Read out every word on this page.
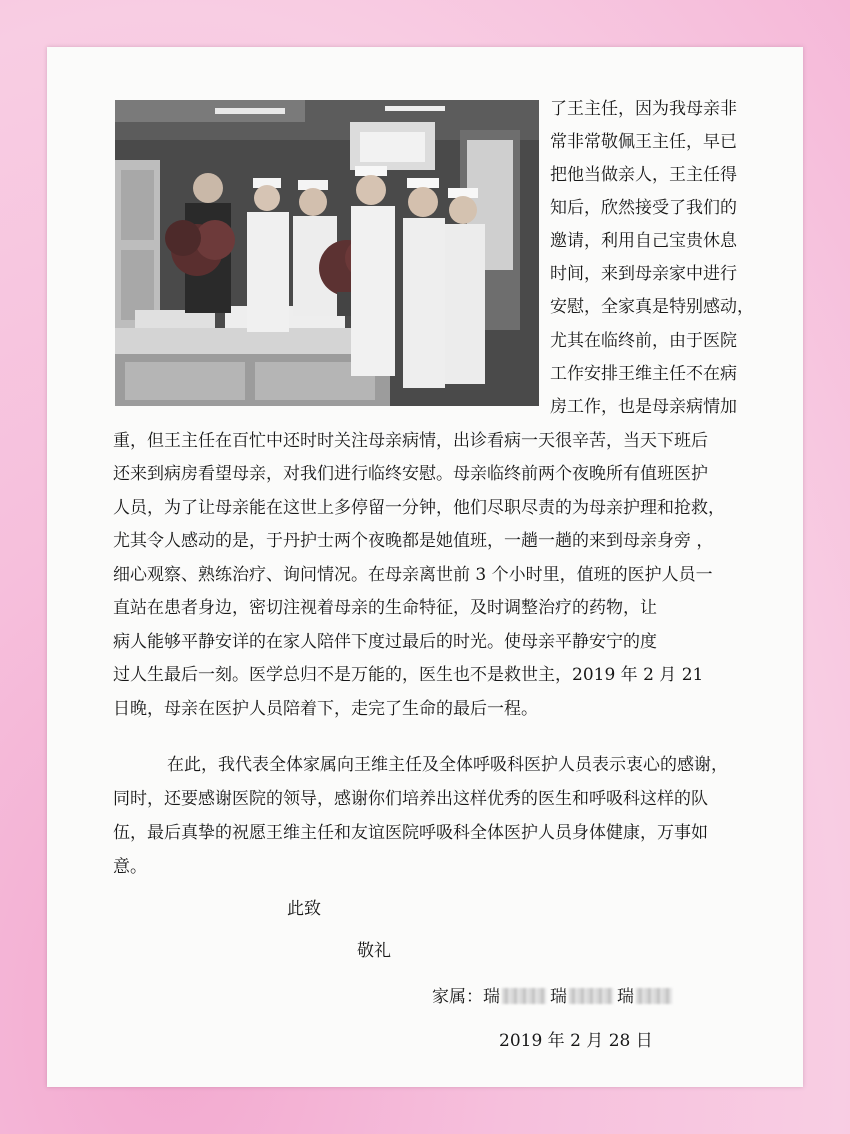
了王主任，因为我母亲非
常非常敬佩王主任，早已
把他当做亲人，王主任得
知后，欣然接受了我们的
邀请，利用自己宝贵休息
时间，来到母亲家中进行
安慰，全家真是特别感动，
尤其在临终前，由于医院
工作安排王维主任不在病
房工作，也是母亲病情加
重，但王主任在百忙中还时时关注母亲病情，出诊看病一天很辛苦，当天下班后
还来到病房看望母亲，对我们进行临终安慰。母亲临终前两个夜晚所有值班医护
人员，为了让母亲能在这世上多停留一分钟，他们尽职尽责的为母亲护理和抢救，
尤其令人感动的是，于丹护士两个夜晚都是她值班，一趟一趟的来到母亲身旁 ，
细心观察、熟练治疗、询问情况。在母亲离世前 3 个小时里，值班的医护人员一
直站在患者身边，密切注视着母亲的生命特征，及时调整治疗的药物，让
病人能够平静安详的在家人陪伴下度过最后的时光。使母亲平静安宁的度
过人生最后一刻。医学总归不是万能的，医生也不是救世主，2019 年 2 月 21
日晚，母亲在医护人员陪着下，走完了生命的最后一程。
在此，我代表全体家属向王维主任及全体呼吸科医护人员表示衷心的感谢，
同时，还要感谢医院的领导，感谢你们培养出这样优秀的医生和呼吸科这样的队
伍，最后真挚的祝愿王维主任和友谊医院呼吸科全体医护人员身体健康，万事如
意。
此致
敬礼
家属：瑞	瑞	瑞
2019 年 2 月 28 日
